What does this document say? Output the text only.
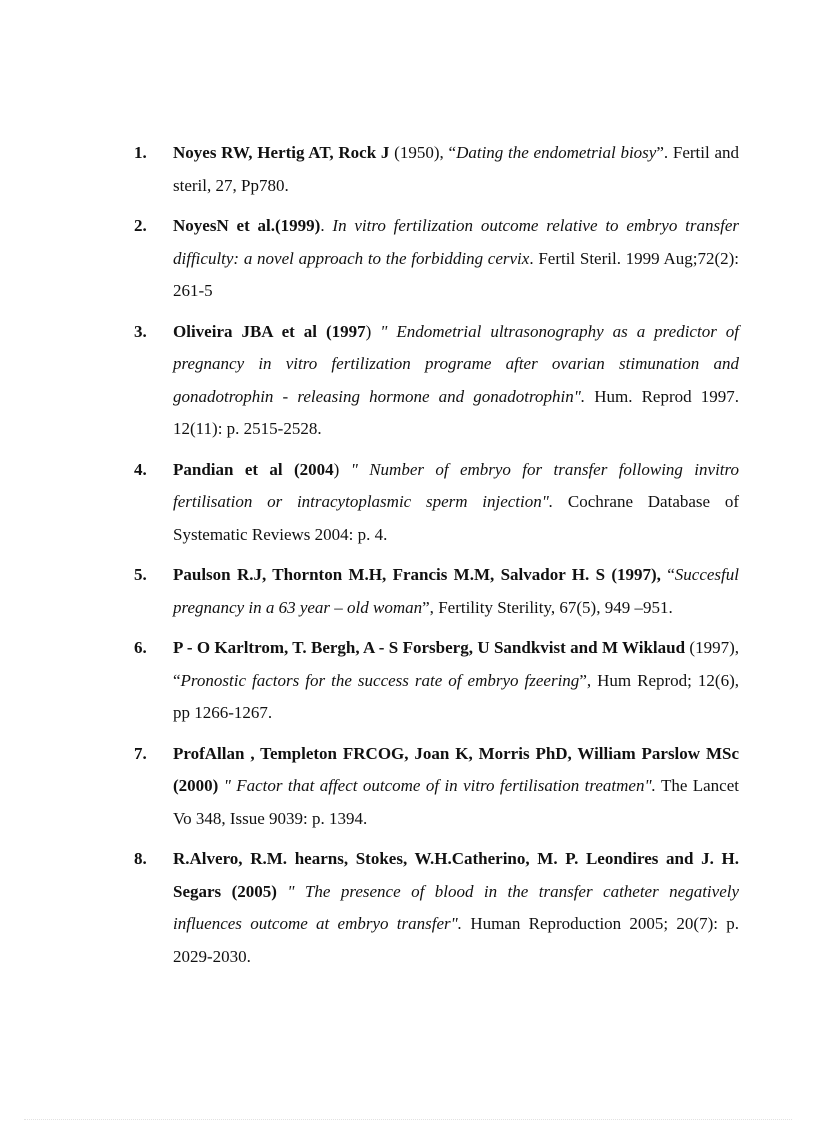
1.	Noyes RW, Hertig AT, Rock J (1950), “Dating the endometrial biosy”. Fertil and steril, 27, Pp780.
2.	NoyesN et al.(1999). In vitro fertilization outcome relative to embryo transfer difficulty: a novel approach to the forbidding cervix. Fertil Steril. 1999 Aug;72(2): 261-5
3.	Oliveira JBA et al (1997) " Endometrial ultrasonography as a predictor of pregnancy in vitro fertilization programe after ovarian stimunation and gonadotrophin - releasing hormone and gonadotrophin". Hum. Reprod 1997. 12(11): p. 2515-2528.
4.	Pandian et al (2004) " Number of embryo for transfer following invitro fertilisation or intracytoplasmic sperm injection". Cochrane Database of Systematic Reviews 2004: p. 4.
5.	Paulson R.J, Thornton M.H, Francis M.M, Salvador H. S (1997), “Succesful pregnancy in a 63 year – old woman”, Fertility Sterility, 67(5), 949 –951.
6.	P - O Karltrom, T. Bergh, A - S Forsberg, U Sandkvist and M Wiklaud (1997), “Pronostic factors for the success rate of embryo fzeering”, Hum Reprod; 12(6), pp 1266-1267.
7.	ProfAllan , Templeton FRCOG, Joan K, Morris PhD, William Parslow MSc (2000) " Factor that affect outcome of in vitro fertilisation treatmen". The Lancet Vo 348, Issue 9039: p. 1394.
8.	R.Alvero, R.M. hearns, Stokes, W.H.Catherino, M. P. Leondires and J. H. Segars (2005) " The presence of blood in the transfer catheter negatively influences outcome at embryo transfer". Human Reproduction 2005; 20(7): p. 2029-2030.
